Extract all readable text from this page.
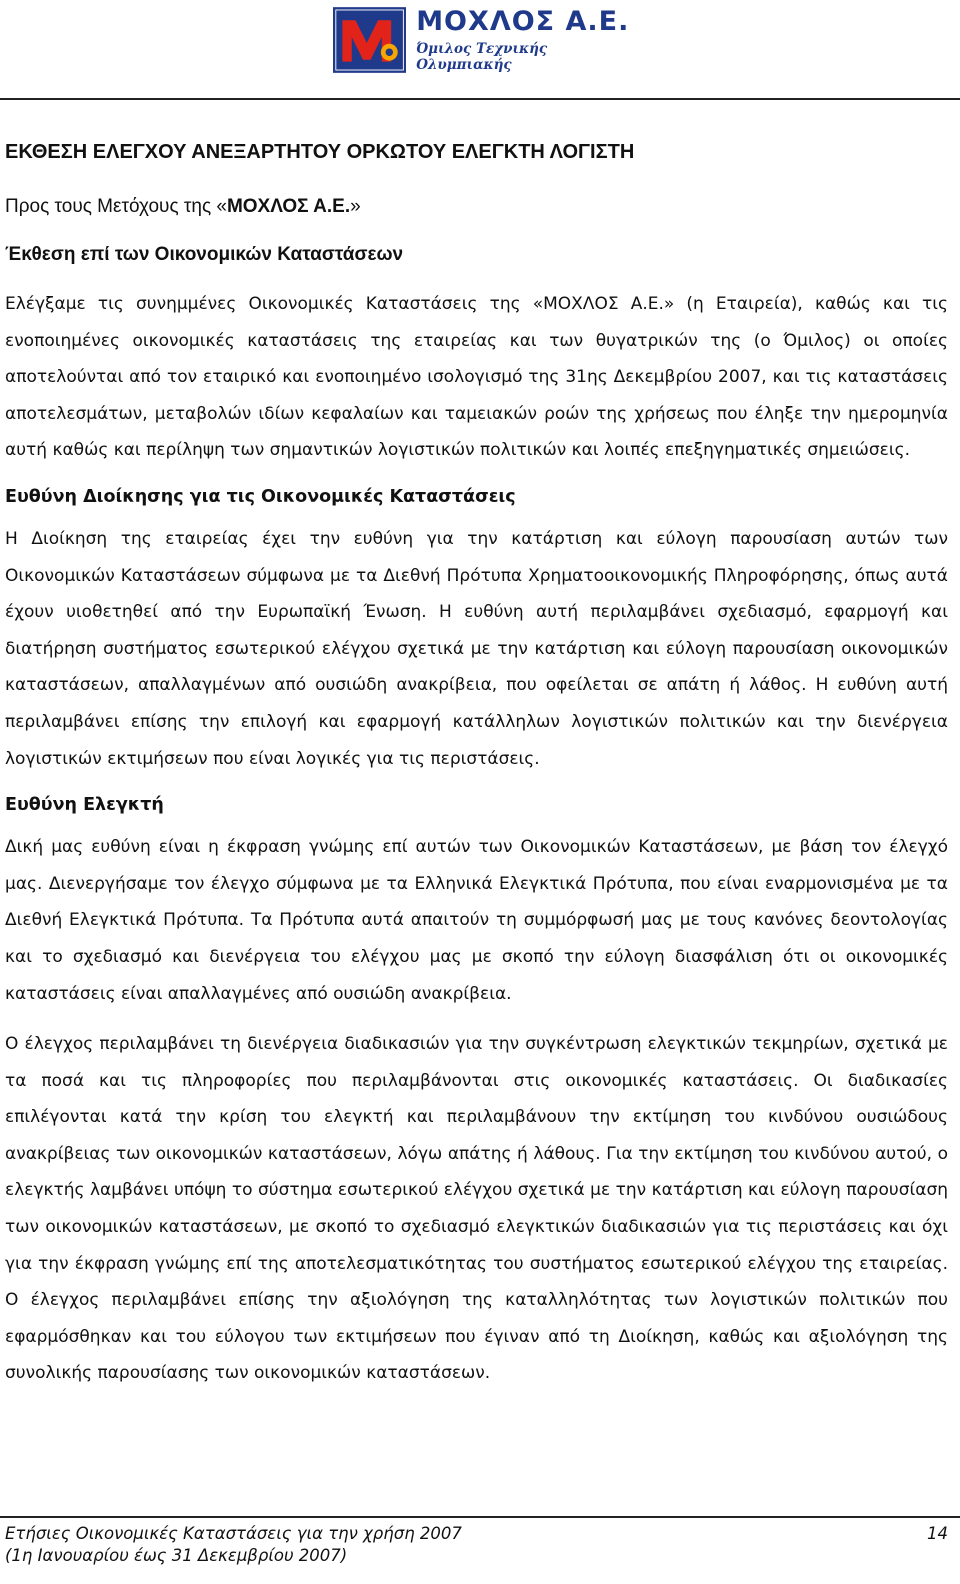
ΜΟΧΛΟΣ Α.Ε.
Όμιλος Τεχνικής Ολυμπιακής
ΕΚΘΕΣΗ ΕΛΕΓΧΟΥ ΑΝΕΞΑΡΤΗΤΟΥ ΟΡΚΩΤΟΥ ΕΛΕΓΚΤΗ ΛΟΓΙΣΤΗ
Προς τους Μετόχους της «ΜΟΧΛΟΣ Α.Ε.»
Έκθεση επί των Οικονομικών Καταστάσεων

Ελέγξαμε τις συνημμένες Οικονομικές Καταστάσεις της «ΜΟΧΛΟΣ Α.Ε.» (η Εταιρεία), καθώς και τις ενοποιημένες οικονομικές καταστάσεις της εταιρείας και των θυγατρικών της (ο Όμιλος) οι οποίες αποτελούνται από τον εταιρικό και ενοποιημένο ισολογισμό της 31ης Δεκεμβρίου 2007, και τις καταστάσεις αποτελεσμάτων, μεταβολών ιδίων κεφαλαίων και ταμειακών ροών της χρήσεως που έληξε την ημερομηνία αυτή καθώς και περίληψη των σημαντικών λογιστικών πολιτικών και λοιπές επεξηγηματικές σημειώσεις.

Ευθύνη Διοίκησης για τις Οικονομικές Καταστάσεις

Η Διοίκηση της εταιρείας έχει την ευθύνη για την κατάρτιση και εύλογη παρουσίαση αυτών των Οικονομικών Καταστάσεων σύμφωνα με τα Διεθνή Πρότυπα Χρηματοοικονομικής Πληροφόρησης, όπως αυτά έχουν υιοθετηθεί από την Ευρωπαϊκή Ένωση. Η ευθύνη αυτή περιλαμβάνει σχεδιασμό, εφαρμογή και διατήρηση συστήματος εσωτερικού ελέγχου σχετικά με την κατάρτιση και εύλογη παρουσίαση οικονομικών καταστάσεων, απαλλαγμένων από ουσιώδη ανακρίβεια, που οφείλεται σε απάτη ή λάθος. Η ευθύνη αυτή περιλαμβάνει επίσης την επιλογή και εφαρμογή κατάλληλων λογιστικών πολιτικών και την διενέργεια λογιστικών εκτιμήσεων που είναι λογικές για τις περιστάσεις.

Ευθύνη Ελεγκτή

Δική μας ευθύνη είναι η έκφραση γνώμης επί αυτών των Οικονομικών Καταστάσεων, με βάση τον έλεγχό μας. Διενεργήσαμε τον έλεγχο σύμφωνα με τα Ελληνικά Ελεγκτικά Πρότυπα, που είναι εναρμονισμένα με τα Διεθνή Ελεγκτικά Πρότυπα. Τα Πρότυπα αυτά απαιτούν τη συμμόρφωσή μας με τους κανόνες δεοντολογίας και το σχεδιασμό και διενέργεια του ελέγχου μας με σκοπό την εύλογη διασφάλιση ότι οι οικονομικές καταστάσεις είναι απαλλαγμένες από ουσιώδη ανακρίβεια.

Ο έλεγχος περιλαμβάνει τη διενέργεια διαδικασιών για την συγκέντρωση ελεγκτικών τεκμηρίων, σχετικά με τα ποσά και τις πληροφορίες που περιλαμβάνονται στις οικονομικές καταστάσεις. Οι διαδικασίες επιλέγονται κατά την κρίση του ελεγκτή και περιλαμβάνουν την εκτίμηση του κινδύνου ουσιώδους ανακρίβειας των οικονομικών καταστάσεων, λόγω απάτης ή λάθους. Για την εκτίμηση του κινδύνου αυτού, ο ελεγκτής λαμβάνει υπόψη το σύστημα εσωτερικού ελέγχου σχετικά με την κατάρτιση και εύλογη παρουσίαση των οικονομικών καταστάσεων, με σκοπό το σχεδιασμό ελεγκτικών διαδικασιών για τις περιστάσεις και όχι για την έκφραση γνώμης επί της αποτελεσματικότητας του συστήματος εσωτερικού ελέγχου της εταιρείας. Ο έλεγχος περιλαμβάνει επίσης την αξιολόγηση της καταλληλότητας των λογιστικών πολιτικών που εφαρμόσθηκαν και του εύλογου των εκτιμήσεων που έγιναν από τη Διοίκηση, καθώς και αξιολόγηση της συνολικής παρουσίασης των οικονομικών καταστάσεων.

Ετήσιες Οικονομικές Καταστάσεις για την χρήση 2007
(1η Ιανουαρίου έως 31 Δεκεμβρίου 2007)
14
